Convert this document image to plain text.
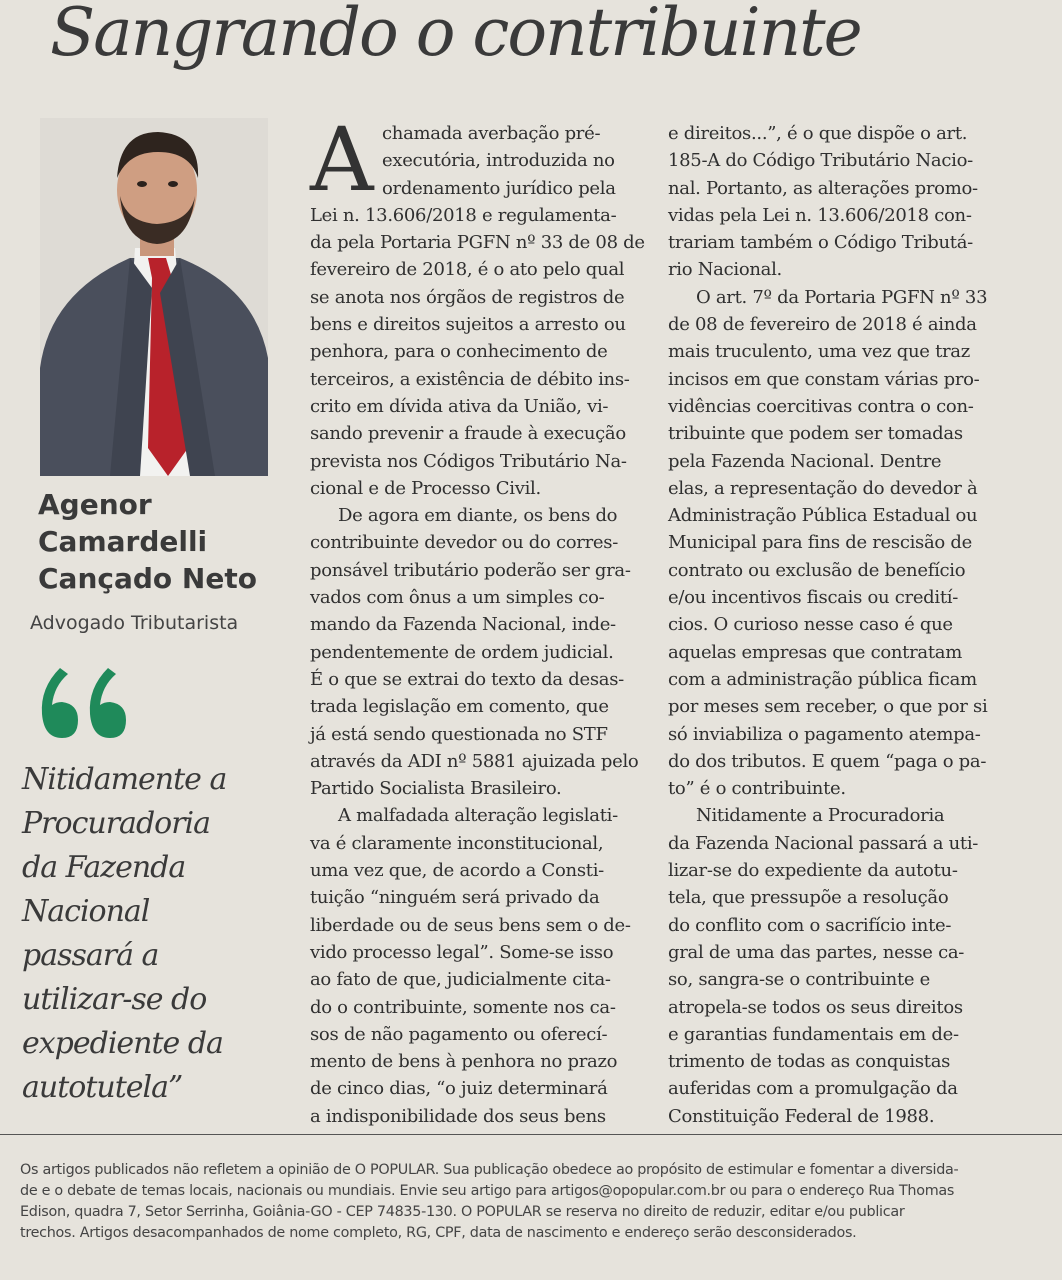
Sangrando o contribuinte
Agenor
Camardelli
Cançado Neto
Advogado Tributarista
Nitidamente a
Procuradoria
da Fazenda
Nacional
passará a
utilizar-se do
expediente da
autotutela”
A chamada averbação pré-
executória, introduzida no
ordenamento jurídico pela
Lei n. 13.606/2018 e regulamenta-
da pela Portaria PGFN nº 33 de 08 de
fevereiro de 2018, é o ato pelo qual
se anota nos órgãos de registros de
bens e direitos sujeitos a arresto ou
penhora, para o conhecimento de
terceiros, a existência de débito ins-
crito em dívida ativa da União, vi-
sando prevenir a fraude à execução
prevista nos Códigos Tributário Na-
cional e de Processo Civil.
De agora em diante, os bens do
contribuinte devedor ou do corres-
ponsável tributário poderão ser gra-
vados com ônus a um simples co-
mando da Fazenda Nacional, inde-
pendentemente de ordem judicial.
É o que se extrai do texto da desas-
trada legislação em comento, que
já está sendo questionada no STF
através da ADI nº 5881 ajuizada pelo
Partido Socialista Brasileiro.
A malfadada alteração legislati-
va é claramente inconstitucional,
uma vez que, de acordo a Consti-
tuição “ninguém será privado da
liberdade ou de seus bens sem o de-
vido processo legal”. Some-se isso
ao fato de que, judicialmente cita-
do o contribuinte, somente nos ca-
sos de não pagamento ou oferecí-
mento de bens à penhora no prazo
de cinco dias, “o juiz determinará
a indisponibilidade dos seus bens
e direitos...”, é o que dispõe o art.
185-A do Código Tributário Nacio-
nal. Portanto, as alterações promo-
vidas pela Lei n. 13.606/2018 con-
trariam também o Código Tributá-
rio Nacional.
O art. 7º da Portaria PGFN nº 33
de 08 de fevereiro de 2018 é ainda
mais truculento, uma vez que traz
incisos em que constam várias pro-
vidências coercitivas contra o con-
tribuinte que podem ser tomadas
pela Fazenda Nacional. Dentre
elas, a representação do devedor à
Administração Pública Estadual ou
Municipal para fins de rescisão de
contrato ou exclusão de benefício
e/ou incentivos fiscais ou credití-
cios. O curioso nesse caso é que
aquelas empresas que contratam
com a administração pública ficam
por meses sem receber, o que por si
só inviabiliza o pagamento atempa-
do dos tributos. E quem “paga o pa-
to” é o contribuinte.
Nitidamente a Procuradoria
da Fazenda Nacional passará a uti-
lizar-se do expediente da autotu-
tela, que pressupõe a resolução
do conflito com o sacrifício inte-
gral de uma das partes, nesse ca-
so, sangra-se o contribuinte e
atropela-se todos os seus direitos
e garantias fundamentais em de-
trimento de todas as conquistas
auferidas com a promulgação da
Constituição Federal de 1988.
Os artigos publicados não refletem a opinião de O POPULAR. Sua publicação obedece ao propósito de estimular e fomentar a diversida-
de e o debate de temas locais, nacionais ou mundiais. Envie seu artigo para artigos@opopular.com.br ou para o endereço Rua Thomas
Edison, quadra 7, Setor Serrinha, Goiânia-GO - CEP 74835-130. O POPULAR se reserva no direito de reduzir, editar e/ou publicar
trechos. Artigos desacompanhados de nome completo, RG, CPF, data de nascimento e endereço serão desconsiderados.
